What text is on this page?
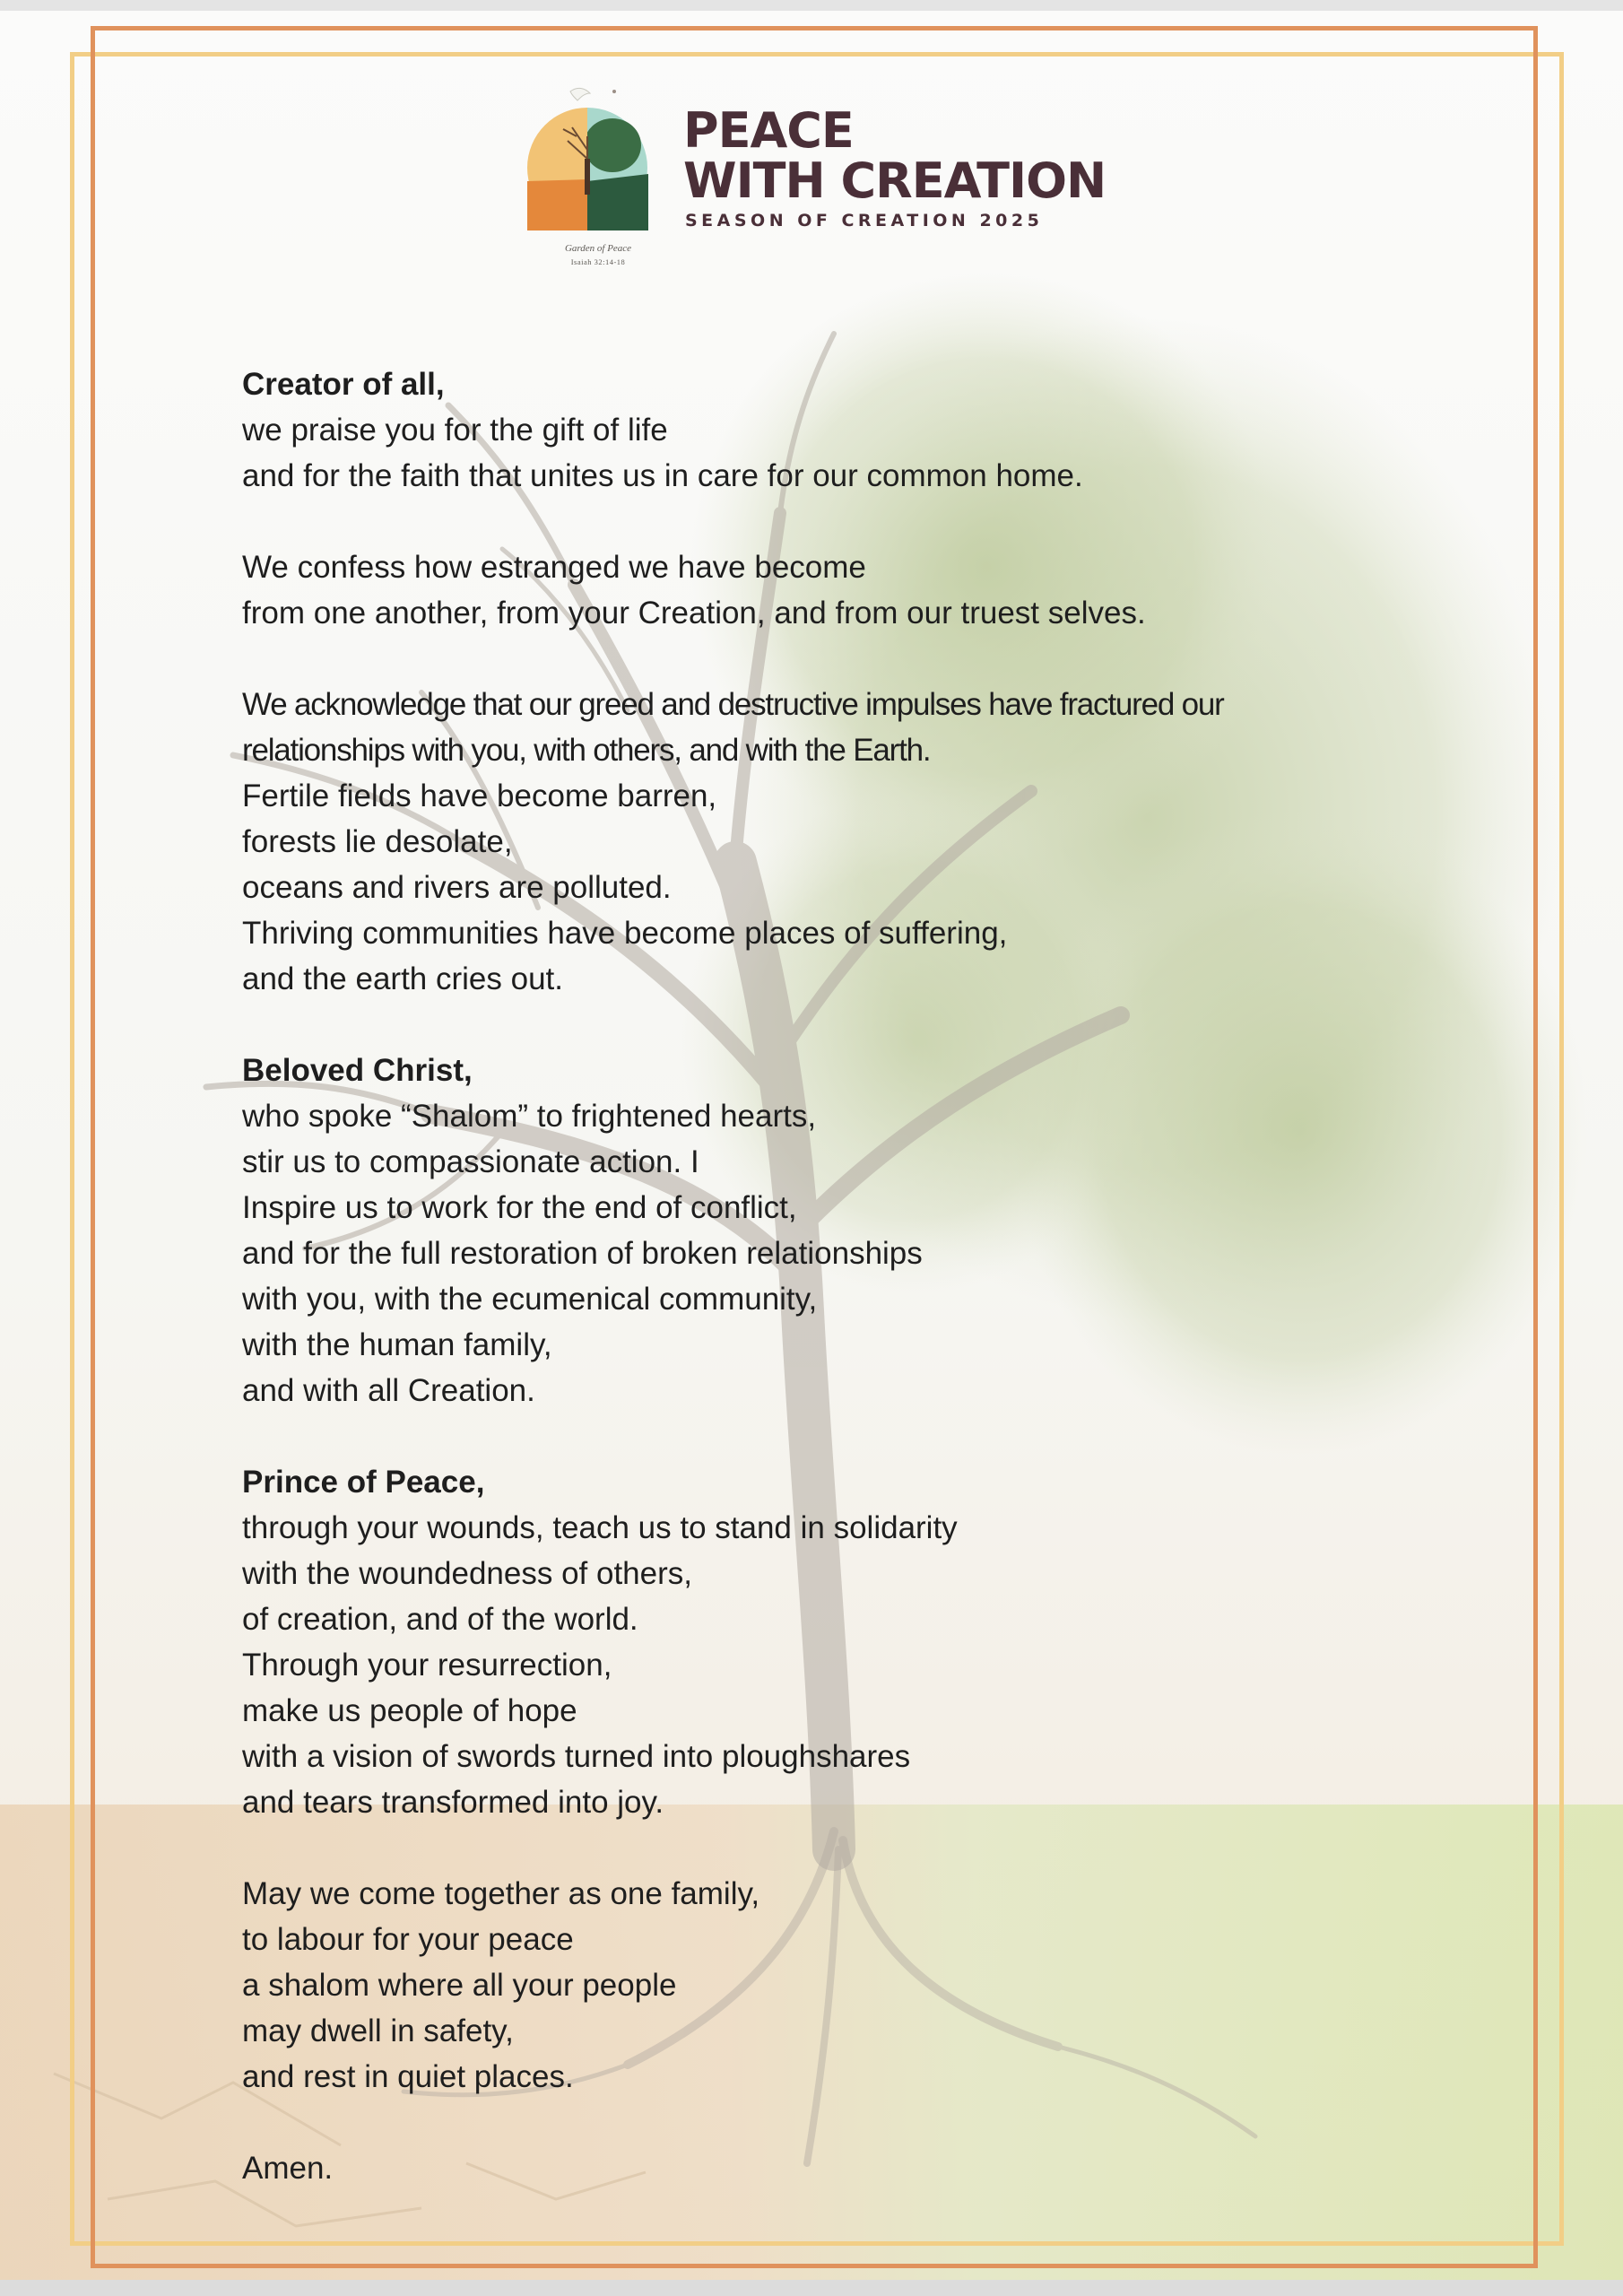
Garden of Peace
Isaiah 32:14-18
PEACE
WITH CREATION
SEASON OF CREATION 2025
Creator of all,
we praise you for the gift of life
and for the faith that unites us in care for our common home.
We confess how estranged we have become
from one another, from your Creation, and from our truest selves.
We acknowledge that our greed and destructive impulses have fractured our
relationships with you, with others, and with the Earth.
Fertile fields have become barren,
forests lie desolate,
oceans and rivers are polluted.
Thriving communities have become places of suffering,
and the earth cries out.
Beloved Christ,
who spoke “Shalom” to frightened hearts,
stir us to compassionate action. I
Inspire us to work for the end of conflict,
and for the full restoration of broken relationships
with you, with the ecumenical community,
with the human family,
and with all Creation.
Prince of Peace,
through your wounds, teach us to stand in solidarity
with the woundedness of others,
of creation, and of the world.
Through your resurrection,
make us people of hope
with a vision of swords turned into ploughshares
and tears transformed into joy.
May we come together as one family,
to labour for your peace
a shalom where all your people
may dwell in safety,
and rest in quiet places.
Amen.
